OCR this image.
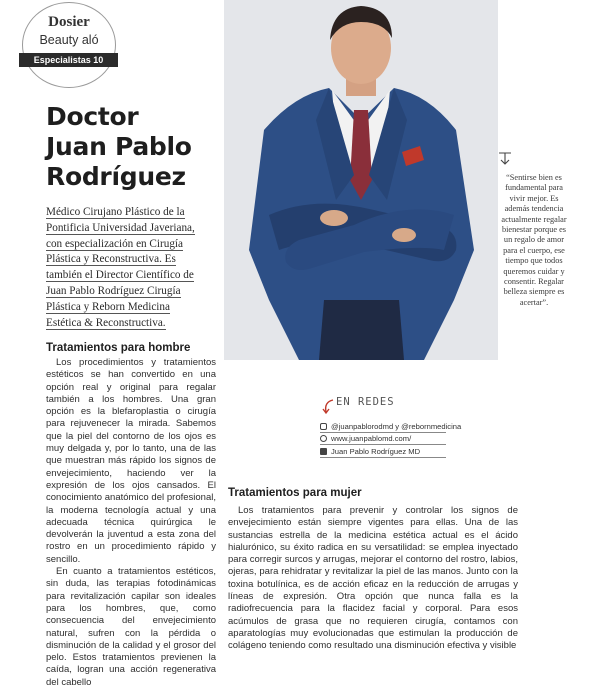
Dosier
Beauty aló
Especialistas 10
Doctor
Juan Pablo
Rodríguez
Médico Cirujano Plástico de la
Pontificia Universidad Javeriana,
con especialización en Cirugía
Plástica y Reconstructiva. Es
también el Director Científico de
Juan Pablo Rodríguez Cirugía
Plástica y Reborn Medicina
Estética & Reconstructiva.
“Sentirse bien es fundamental para vivir mejor. Es además tendencia actualmente regalar bienestar porque es un regalo de amor para el cuerpo, ese tiempo que todos queremos cuidar y consentir. Regalar belleza siempre es acertar”.
Tratamientos para hombre

Los procedimientos y tratamientos estéticos se han convertido en una opción real y original para regalar también a los hombres. Una gran opción es la blefaroplastia o cirugía para rejuvenecer la mirada. Sabemos que la piel del contorno de los ojos es muy delgada y, por lo tanto, una de las que muestran más rápido los signos de envejecimiento, haciendo ver la expresión de los ojos cansados. El conocimiento anatómico del profesional, la moderna tecnología actual y una adecuada técnica quirúrgica le devolverán la juventud a esta zona del rostro en un procedimiento rápido y sencillo.

En cuanto a tratamientos estéticos, sin duda, las terapias fotodinámicas para revitalización capilar son ideales para los hombres, que, como consecuencia del envejecimiento natural, sufren con la pérdida o disminución de la calidad y el grosor del pelo. Estos tratamientos previenen la caída, logran una acción regenerativa del cabello

EN REDES
@juanpablorodmd y @rebornmedicina
www.juanpablomd.com/
Juan Pablo Rodríguez MD
Tratamientos para mujer

Los tratamientos para prevenir y controlar los signos de envejecimiento están siempre vigentes para ellas. Una de las sustancias estrella de la medicina estética actual es el ácido hialurónico, su éxito radica en su versatilidad: se emplea inyectado para corregir surcos y arrugas, mejorar el contorno del rostro, labios, ojeras, para rehidratar y revitalizar la piel de las manos. Junto con la toxina botulínica, es de acción eficaz en la reducción de arrugas y líneas de expresión. Otra opción que nunca falla es la radiofrecuencia para la flacidez facial y corporal. Para esos acúmulos de grasa que no requieren cirugía, contamos con aparatologías muy evolucionadas que estimulan la producción de colágeno teniendo como resultado una disminución efectiva y visible
